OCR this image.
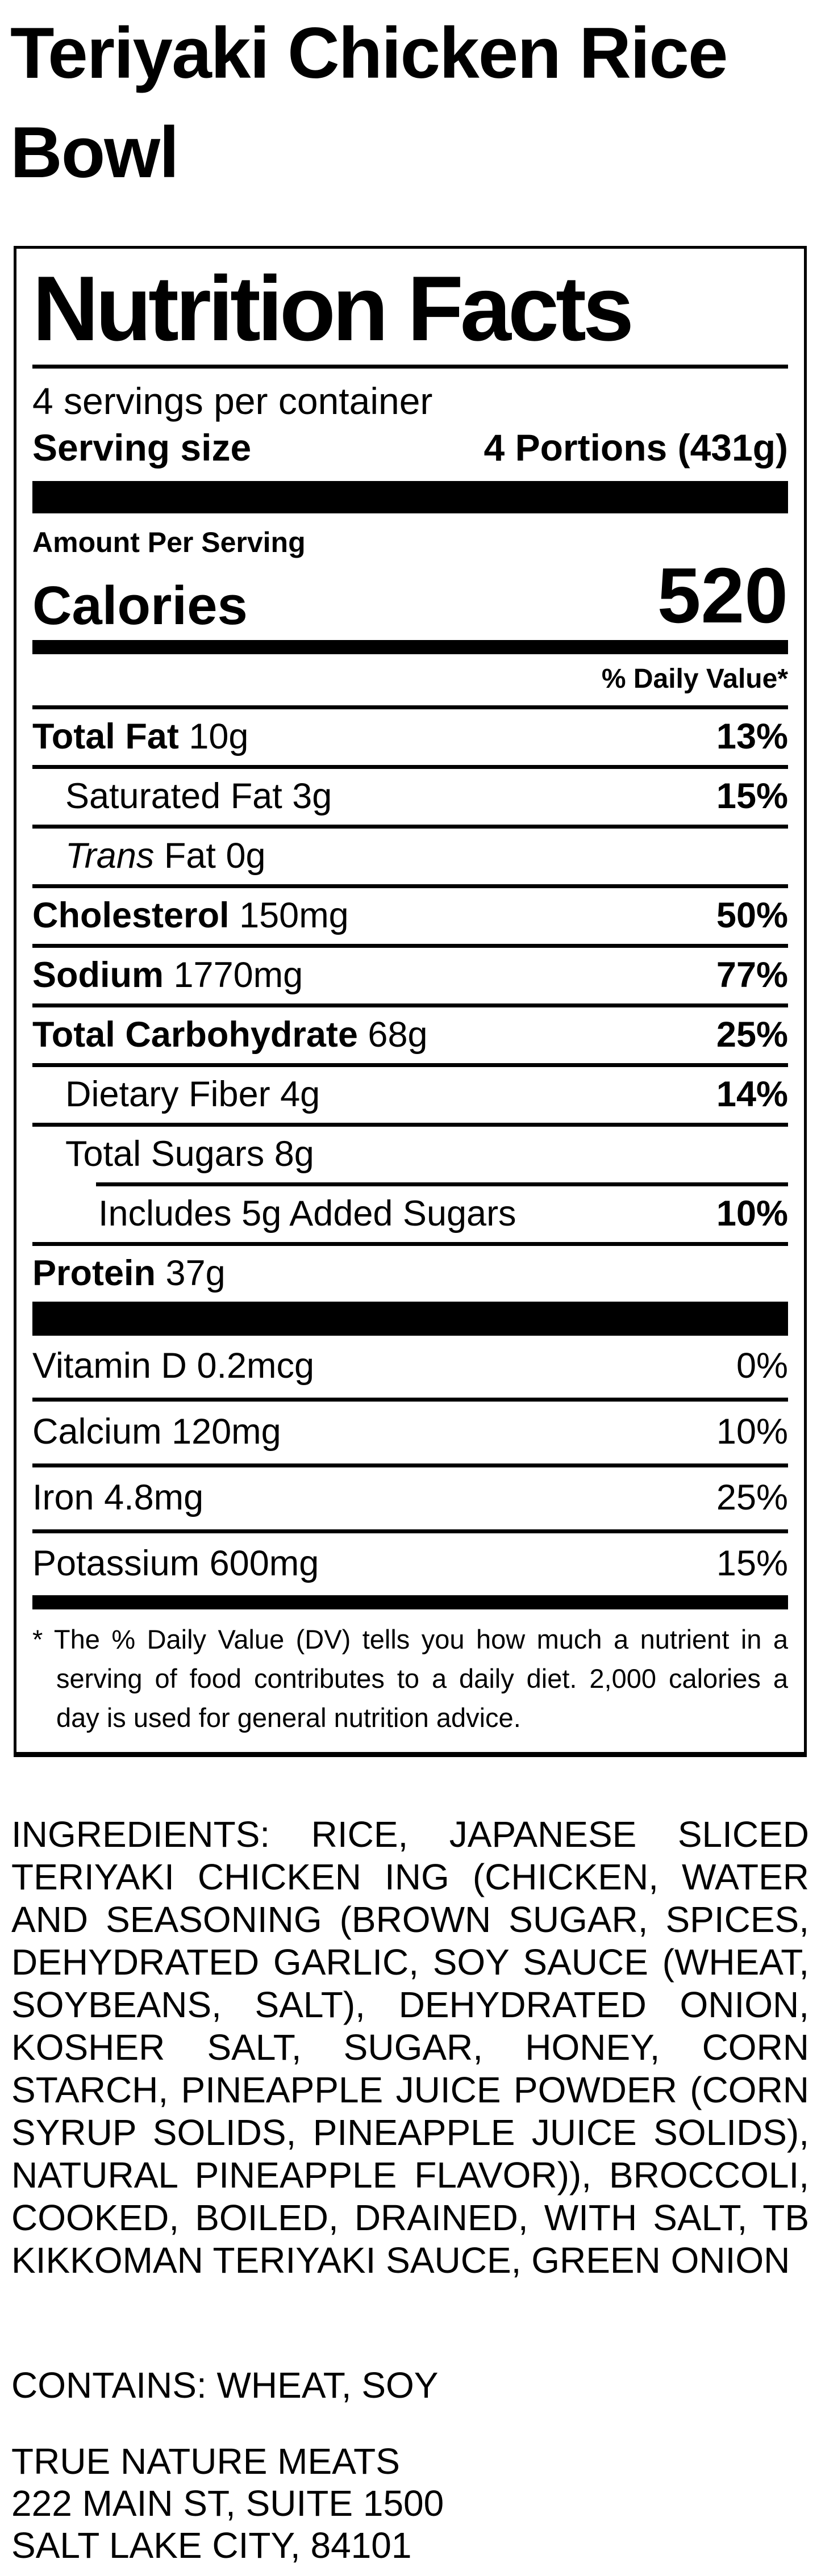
Teriyaki Chicken Rice Bowl
Nutrition Facts
4 servings per container
Serving size	4 Portions (431g)
Amount Per Serving
Calories	520
% Daily Value*
Total Fat 10g	13%
Saturated Fat 3g	15%
Trans Fat 0g
Cholesterol 150mg	50%
Sodium 1770mg	77%
Total Carbohydrate 68g	25%
Dietary Fiber 4g	14%
Total Sugars 8g
Includes 5g Added Sugars	10%
Protein 37g
Vitamin D 0.2mcg	0%
Calcium 120mg	10%
Iron 4.8mg	25%
Potassium 600mg	15%
* The % Daily Value (DV) tells you how much a nutrient in a serving of food contributes to a daily diet. 2,000 calories a day is used for general nutrition advice.
INGREDIENTS: RICE, JAPANESE SLICED TERIYAKI CHICKEN ING (CHICKEN, WATER AND SEASONING (BROWN SUGAR, SPICES, DEHYDRATED GARLIC, SOY SAUCE (WHEAT, SOYBEANS, SALT), DEHYDRATED ONION, KOSHER SALT, SUGAR, HONEY, CORN STARCH, PINEAPPLE JUICE POWDER (CORN SYRUP SOLIDS, PINEAPPLE JUICE SOLIDS), NATURAL PINEAPPLE FLAVOR)), BROCCOLI, COOKED, BOILED, DRAINED, WITH SALT, TB KIKKOMAN TERIYAKI SAUCE, GREEN ONION
CONTAINS: WHEAT, SOY
TRUE NATURE MEATS
222 MAIN ST, SUITE 1500
SALT LAKE CITY, 84101
